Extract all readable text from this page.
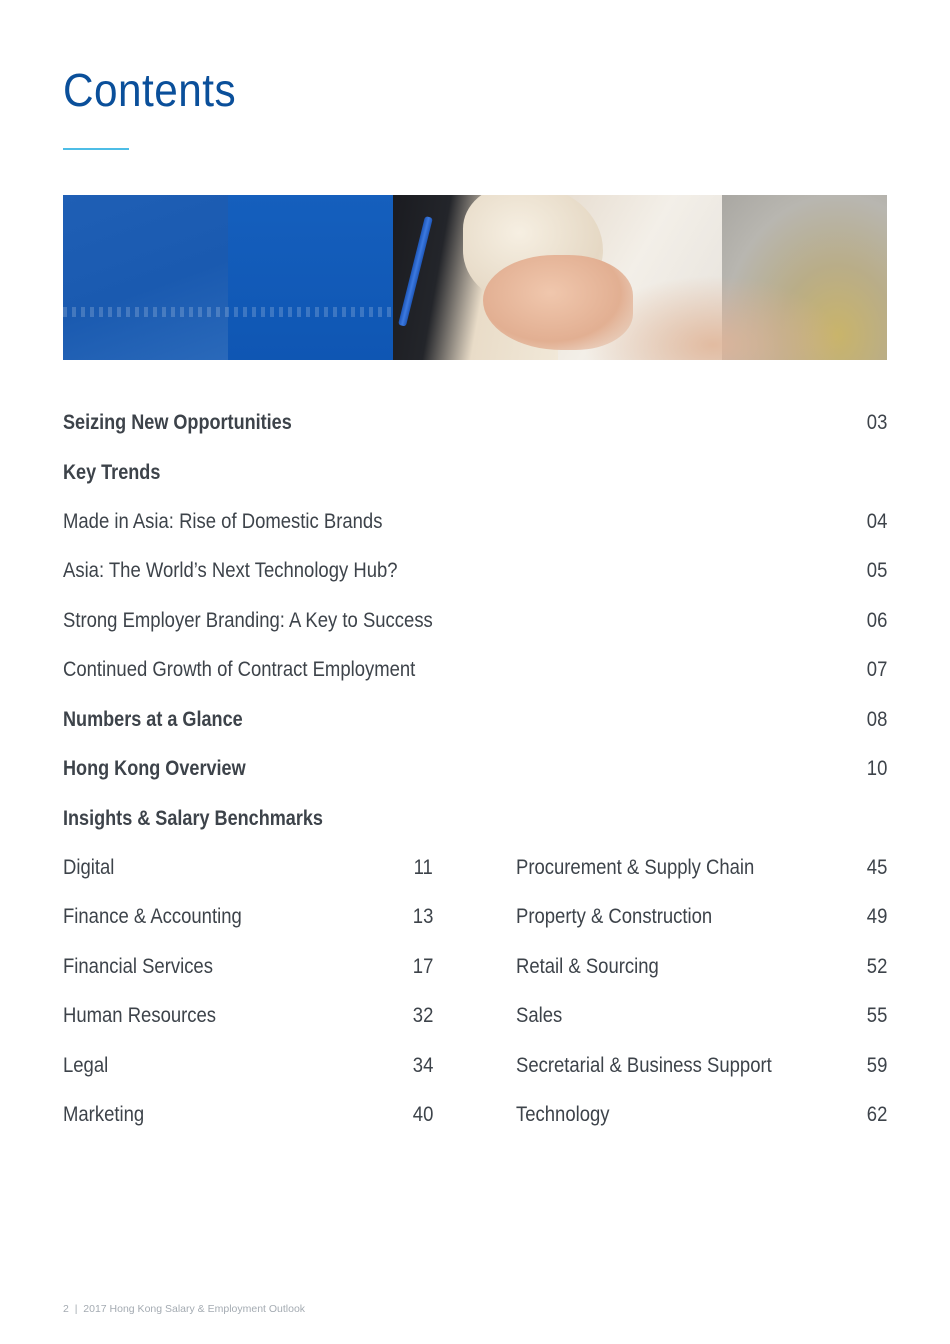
Contents
Seizing New Opportunities	03
Key Trends
Made in Asia: Rise of Domestic Brands	04
Asia: The World’s Next Technology Hub?	05
Strong Employer Branding: A Key to Success	06
Continued Growth of Contract Employment	07
Numbers at a Glance	08
Hong Kong Overview	10
Insights & Salary Benchmarks
Digital	11
Finance & Accounting	13
Financial Services	17
Human Resources	32
Legal	34
Marketing	40
Procurement & Supply Chain	45
Property & Construction	49
Retail & Sourcing	52
Sales	55
Secretarial & Business Support	59
Technology	62
2 | 2017 Hong Kong Salary & Employment Outlook
